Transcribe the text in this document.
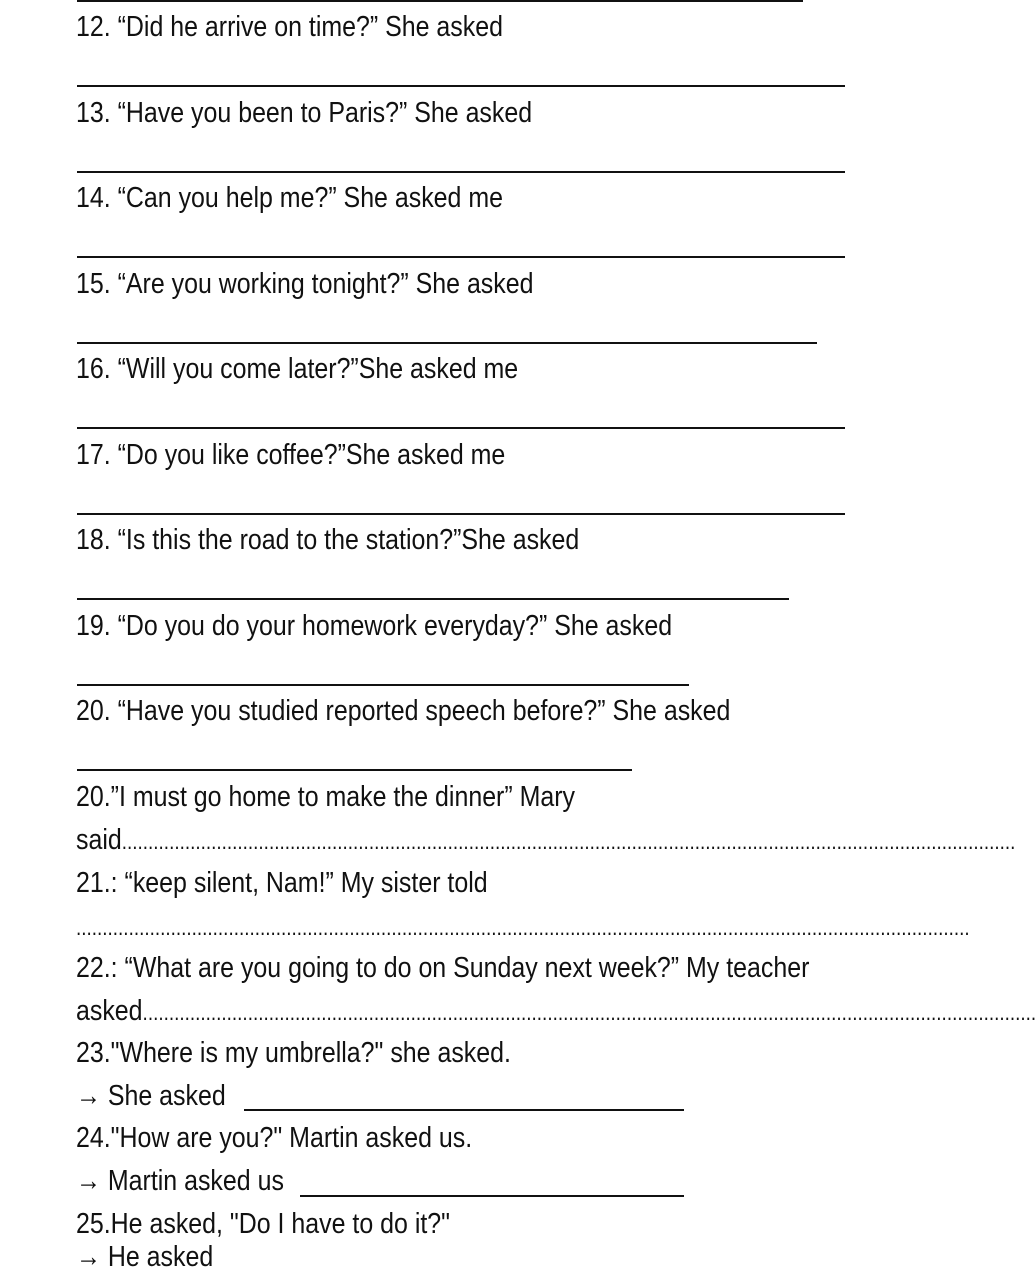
12. “Did he arrive on time?” She asked
13. “Have you been to Paris?” She asked
14. “Can you help me?” She asked me
15. “Are you working tonight?” She asked
16. “Will you come later?”She asked me
17. “Do you like coffee?”She asked me
18. “Is this the road to the station?”She asked
19. “Do you do your homework everyday?” She asked
20. “Have you studied reported speech before?” She asked
20.”I must go home to make the dinner” Mary
said..........................................................................................................................................................................
21.: “keep silent, Nam!” My sister told
..........................................................................................................................................................................
22.: “What are you going to do on Sunday next week?” My teacher
asked..........................................................................................................................................................................
23."Where is my umbrella?" she asked.
→ She asked
24."How are you?" Martin asked us.
→ Martin asked us
25.He asked, "Do I have to do it?"
→ He asked
